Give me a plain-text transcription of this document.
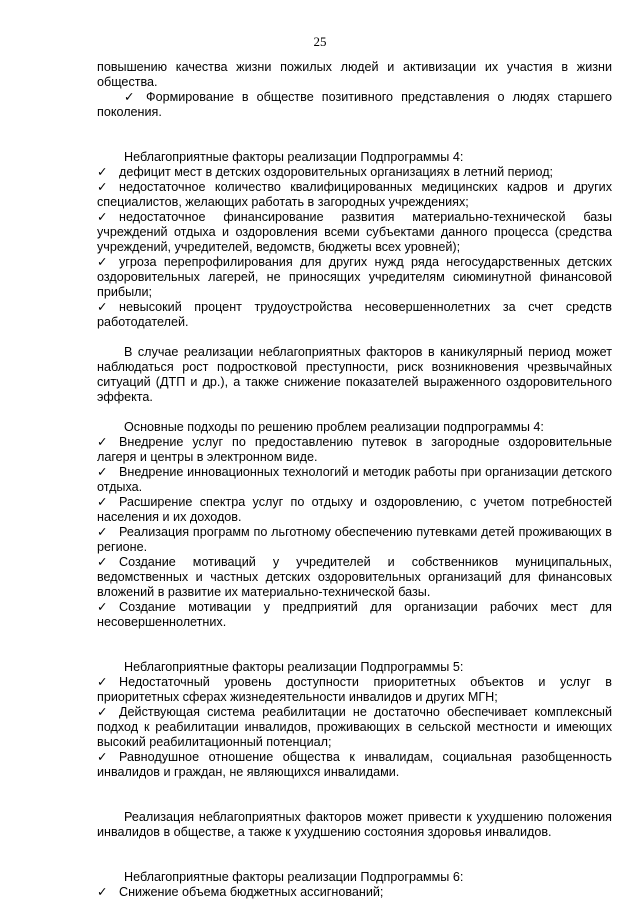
25

повышению качества жизни пожилых людей и активизации их участия в жизни общества.

✓ Формирование в обществе позитивного представления о людях старшего поколения.

Неблагоприятные факторы реализации Подпрограммы 4:

✓ дефицит мест в детских оздоровительных организациях в летний период;

✓ недостаточное количество квалифицированных медицинских кадров и других специалистов, желающих работать в загородных учреждениях;

✓ недостаточное финансирование развития материально-технической базы учреждений отдыха и оздоровления всеми субъектами данного процесса (средства учреждений, учредителей, ведомств, бюджеты всех уровней);

✓ угроза перепрофилирования для других нужд ряда негосударственных детских оздоровительных лагерей, не приносящих учредителям сиюминутной финансовой прибыли;

✓ невысокий процент трудоустройства несовершеннолетних за счет средств работодателей.

В случае реализации неблагоприятных факторов в каникулярный период может наблюдаться рост подростковой преступности, риск возникновения чрезвычайных ситуаций (ДТП и др.), а также снижение показателей выраженного оздоровительного эффекта.

Основные подходы по решению проблем реализации подпрограммы 4:

✓ Внедрение услуг по предоставлению путевок в загородные оздоровительные лагеря и центры в электронном виде.

✓ Внедрение инновационных технологий и методик работы при организации детского отдыха.

✓ Расширение спектра услуг по отдыху и оздоровлению, с учетом потребностей населения и их доходов.

✓ Реализация программ по льготному обеспечению путевками детей проживающих в регионе.

✓ Создание мотиваций у учредителей и собственников муниципальных, ведомственных и частных детских оздоровительных организаций для финансовых вложений в развитие их материально-технической базы.

✓ Создание мотивации у предприятий для организации рабочих мест для несовершеннолетних.

Неблагоприятные факторы реализации Подпрограммы 5:

✓ Недостаточный уровень доступности приоритетных объектов и услуг в приоритетных сферах жизнедеятельности инвалидов и других МГН;

✓ Действующая система реабилитации не достаточно обеспечивает комплексный подход к реабилитации инвалидов, проживающих в сельской местности и имеющих высокий реабилитационный потенциал;

✓ Равнодушное отношение общества к инвалидам, социальная разобщенность инвалидов и граждан, не являющихся инвалидами.

Реализация неблагоприятных факторов может привести к ухудшению положения инвалидов в обществе, а также к ухудшению состояния здоровья инвалидов.

Неблагоприятные факторы реализации Подпрограммы 6:

✓ Снижение объема бюджетных ассигнований;
